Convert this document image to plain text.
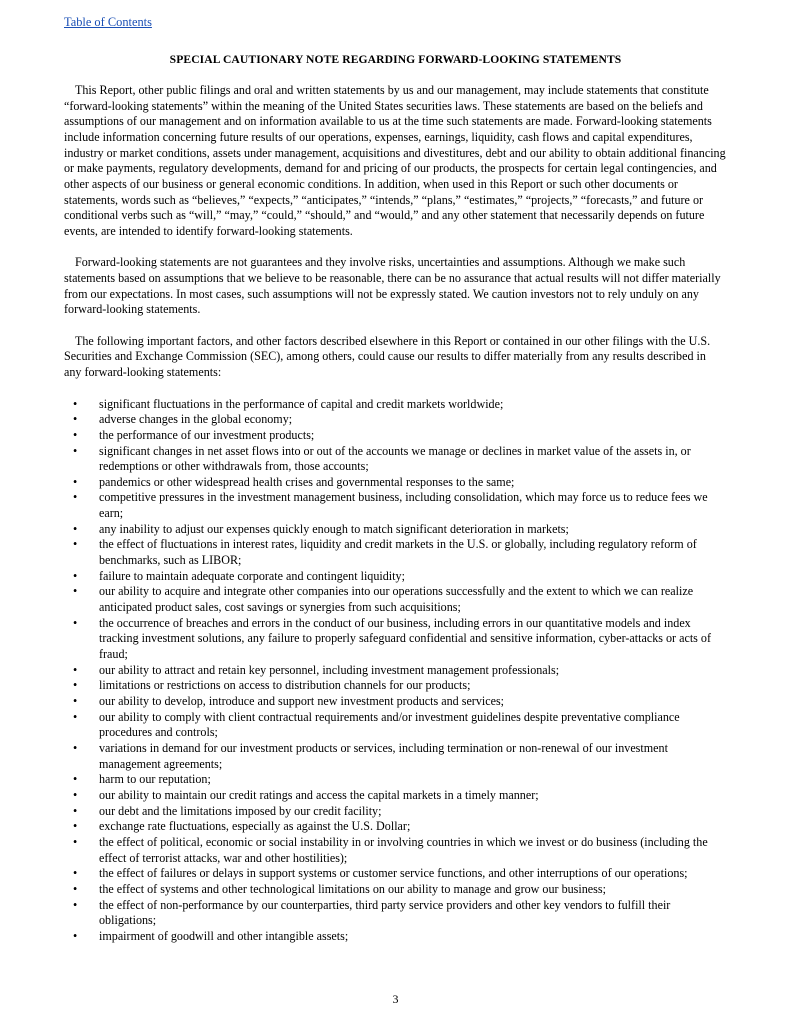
Table of Contents
SPECIAL CAUTIONARY NOTE REGARDING FORWARD-LOOKING STATEMENTS

This Report, other public filings and oral and written statements by us and our management, may include statements that constitute “forward-looking statements” within the meaning of the United States securities laws. These statements are based on the beliefs and assumptions of our management and on information available to us at the time such statements are made. Forward-looking statements include information concerning future results of our operations, expenses, earnings, liquidity, cash flows and capital expenditures, industry or market conditions, assets under management, acquisitions and divestitures, debt and our ability to obtain additional financing or make payments, regulatory developments, demand for and pricing of our products, the prospects for certain legal contingencies, and other aspects of our business or general economic conditions. In addition, when used in this Report or such other documents or statements, words such as “believes,” “expects,” “anticipates,” “intends,” “plans,” “estimates,” “projects,” “forecasts,” and future or conditional verbs such as “will,” “may,” “could,” “should,” and “would,” and any other statement that necessarily depends on future events, are intended to identify forward-looking statements.

Forward-looking statements are not guarantees and they involve risks, uncertainties and assumptions. Although we make such statements based on assumptions that we believe to be reasonable, there can be no assurance that actual results will not differ materially from our expectations. In most cases, such assumptions will not be expressly stated. We caution investors not to rely unduly on any forward-looking statements.

The following important factors, and other factors described elsewhere in this Report or contained in our other filings with the U.S. Securities and Exchange Commission (SEC), among others, could cause our results to differ materially from any results described in any forward-looking statements:

• significant fluctuations in the performance of capital and credit markets worldwide;
• adverse changes in the global economy;
• the performance of our investment products;
• significant changes in net asset flows into or out of the accounts we manage or declines in market value of the assets in, or redemptions or other withdrawals from, those accounts;
• pandemics or other widespread health crises and governmental responses to the same;
• competitive pressures in the investment management business, including consolidation, which may force us to reduce fees we earn;
• any inability to adjust our expenses quickly enough to match significant deterioration in markets;
• the effect of fluctuations in interest rates, liquidity and credit markets in the U.S. or globally, including regulatory reform of benchmarks, such as LIBOR;
• failure to maintain adequate corporate and contingent liquidity;
• our ability to acquire and integrate other companies into our operations successfully and the extent to which we can realize anticipated product sales, cost savings or synergies from such acquisitions;
• the occurrence of breaches and errors in the conduct of our business, including errors in our quantitative models and index tracking investment solutions, any failure to properly safeguard confidential and sensitive information, cyber-attacks or acts of fraud;
• our ability to attract and retain key personnel, including investment management professionals;
• limitations or restrictions on access to distribution channels for our products;
• our ability to develop, introduce and support new investment products and services;
• our ability to comply with client contractual requirements and/or investment guidelines despite preventative compliance procedures and controls;
• variations in demand for our investment products or services, including termination or non-renewal of our investment management agreements;
• harm to our reputation;
• our ability to maintain our credit ratings and access the capital markets in a timely manner;
• our debt and the limitations imposed by our credit facility;
• exchange rate fluctuations, especially as against the U.S. Dollar;
• the effect of political, economic or social instability in or involving countries in which we invest or do business (including the effect of terrorist attacks, war and other hostilities);
• the effect of failures or delays in support systems or customer service functions, and other interruptions of our operations;
• the effect of systems and other technological limitations on our ability to manage and grow our business;
• the effect of non-performance by our counterparties, third party service providers and other key vendors to fulfill their obligations;
• impairment of goodwill and other intangible assets;
3
